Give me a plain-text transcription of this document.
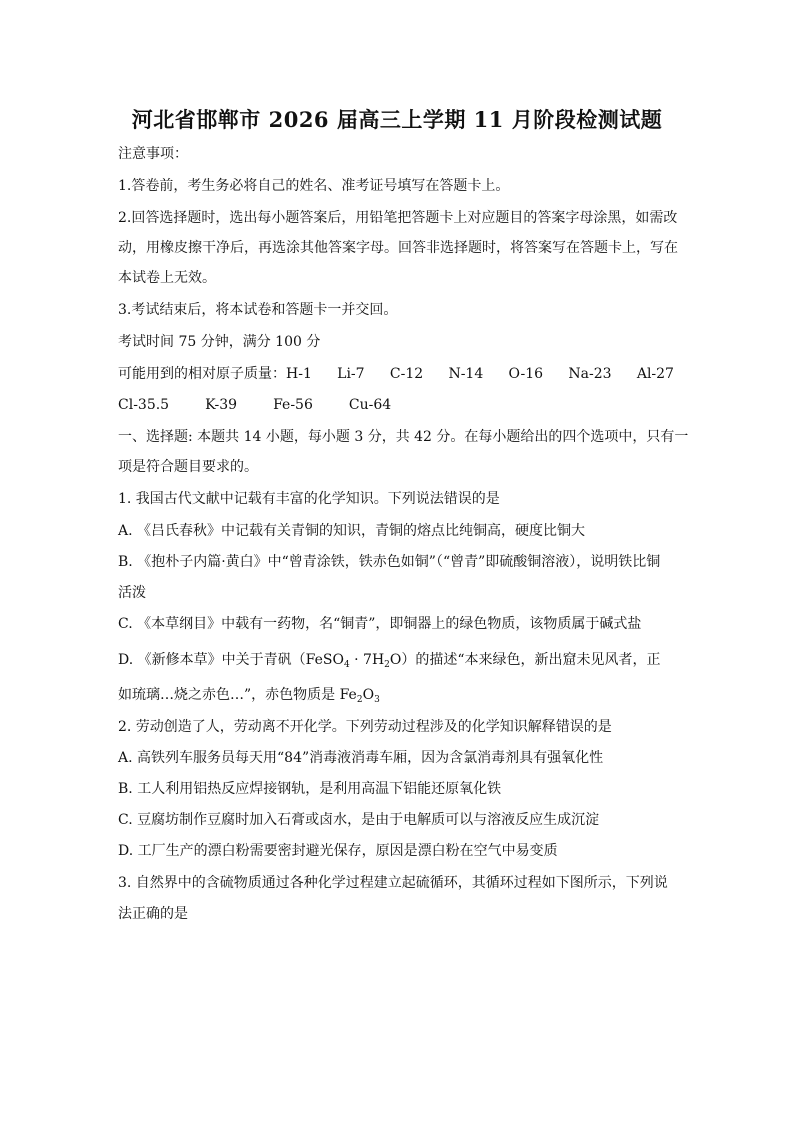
河北省邯郸市 2026 届高三上学期 11 月阶段检测试题
注意事项：
1.答卷前，考生务必将自己的姓名、准考证号填写在答题卡上。
2.回答选择题时，选出每小题答案后，用铅笔把答题卡上对应题目的答案字母涂黑，如需改
动，用橡皮擦干净后，再选涂其他答案字母。回答非选择题时，将答案写在答题卡上，写在
本试卷上无效。
3.考试结束后，将本试卷和答题卡一并交回。
考试时间 75 分钟，满分 100 分
可能用到的相对原子质量：H-1 Li-7 C-12 N-14 O-16 Na-23 Al-27
Cl-35.5	K-39	Fe-56	Cu-64
一、选择题: 本题共 14 小题，每小题 3 分，共 42 分。在每小题给出的四个选项中，只有一
项是符合题目要求的。
1. 我国古代文献中记载有丰富的化学知识。下列说法错误的是
A. 《吕氏春秋》中记载有关青铜的知识，青铜的熔点比纯铜高，硬度比铜大
B. 《抱朴子内篇·黄白》中“曾青涂铁，铁赤色如铜”（“曾青”即硫酸铜溶液），说明铁比铜
活泼
C. 《本草纲目》中载有一药物，名“铜青”，即铜器上的绿色物质，该物质属于碱式盐
D. 《新修本草》中关于青矾（FeSO$_4$ · $7H_2O$）的描述“本来绿色，新出窟未见风者，正
如琉璃…烧之赤色…”，赤色物质是 $Fe_2O_3$
2. 劳动创造了人，劳动离不开化学。下列劳动过程涉及的化学知识解释错误的是
A. 高铁列车服务员每天用“84”消毒液消毒车厢，因为含氯消毒剂具有强氧化性
B. 工人利用铝热反应焊接钢轨，是利用高温下铝能还原氧化铁
C. 豆腐坊制作豆腐时加入石膏或卤水，是由于电解质可以与溶液反应生成沉淀
D. 工厂生产的漂白粉需要密封避光保存，原因是漂白粉在空气中易变质
3. 自然界中的含硫物质通过各种化学过程建立起硫循环，其循环过程如下图所示，下列说
法正确的是
